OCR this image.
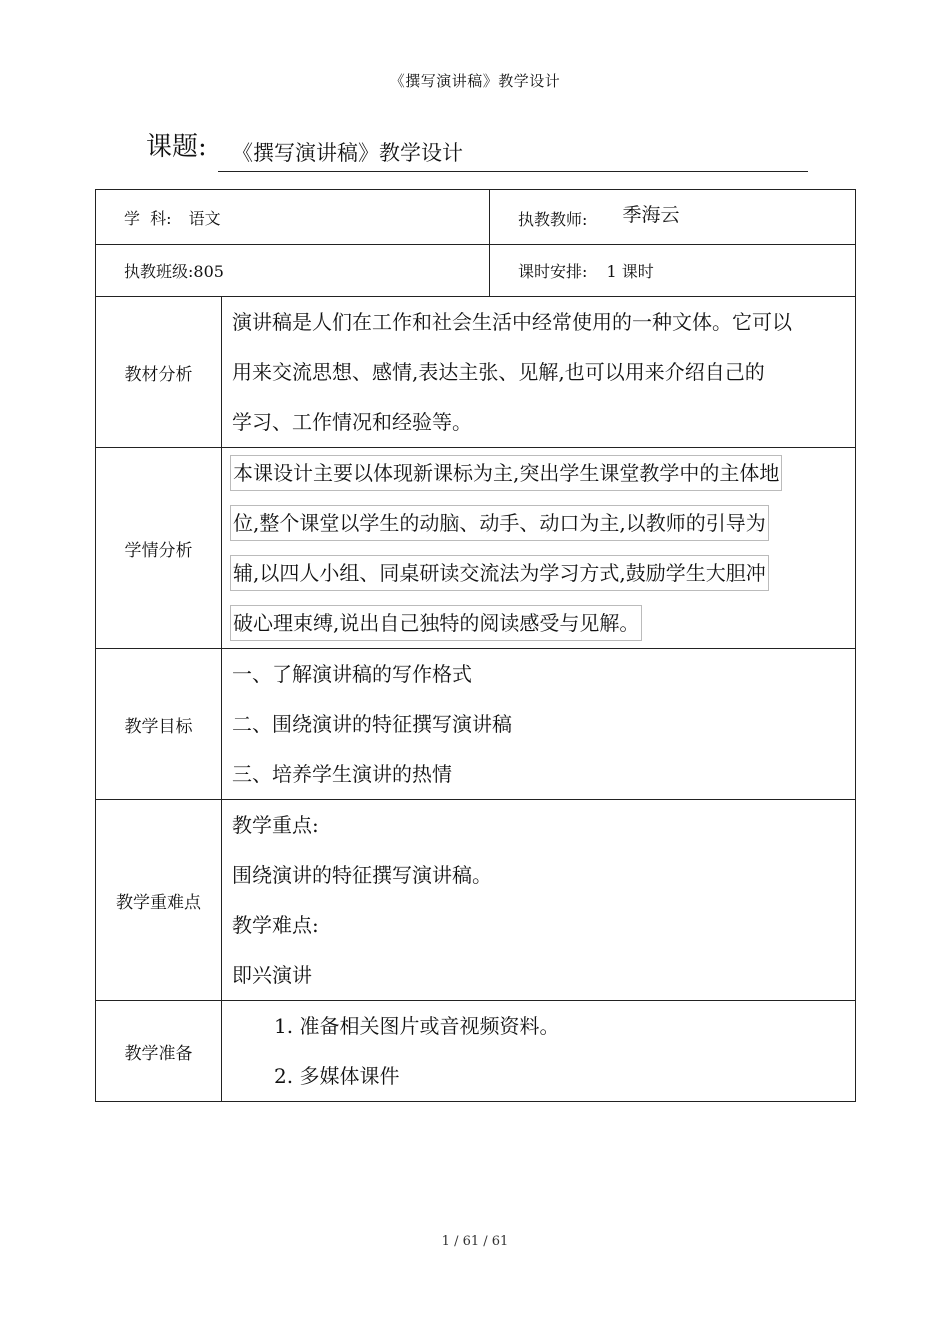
《撰写演讲稿》教学设计
课题: 《撰写演讲稿》教学设计
学  科: 语文		执教教师: 季海云
执教班级:805		课时安排: 1 课时
教材分析	演讲稿是人们在工作和社会生活中经常使用的一种文体。它可以
用来交流思想、感情,表达主张、见解,也可以用来介绍自己的
学习、工作情况和经验等。	

学情分析	本课设计主要以体现新课标为主,突出学生课堂教学中的主体地
位,整个课堂以学生的动脑、动手、动口为主,以教师的引导为
辅,以四人小组、同桌研读交流法为学习方式,鼓励学生大胆冲
破心理束缚,说出自己独特的阅读感受与见解。	

教学目标	一、了解演讲稿的写作格式
二、围绕演讲的特征撰写演讲稿
三、培养学生演讲的热情	

教学重难点	教学重点:
围绕演讲的特征撰写演讲稿。
教学难点:
即兴演讲	

教学准备	1. 准备相关图片或音视频资料。
2. 多媒体课件	
1 / 61 / 61
